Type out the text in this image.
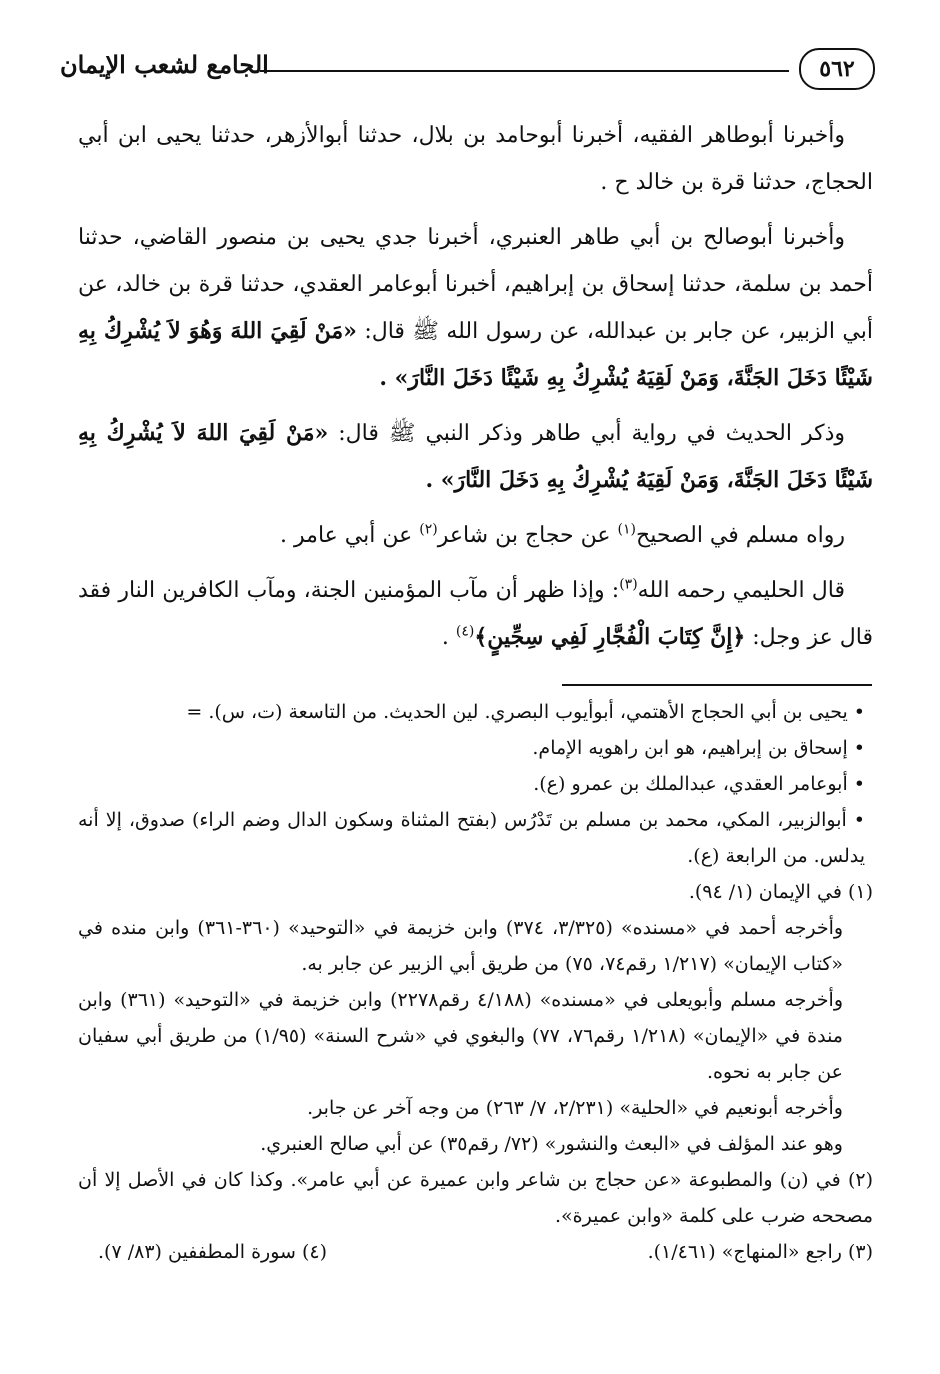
٥٦٢
الجامع لشعب الإيمان

وأخبرنا أبوطاهر الفقيه، أخبرنا أبوحامد بن بلال، حدثنا أبوالأزهر، حدثنا يحيى ابن أبي الحجاج، حدثنا قرة بن خالد ح .

وأخبرنا أبوصالح بن أبي طاهر العنبري، أخبرنا جدي يحيى بن منصور القاضي، حدثنا أحمد بن سلمة، حدثنا إسحاق بن إبراهيم، أخبرنا أبوعامر العقدي، حدثنا قرة بن خالد، عن أبي الزبير، عن جابر بن عبدالله، عن رسول الله ﷺ قال: «مَنْ لَقِيَ اللهَ وَهُوَ لاَ يُشْرِكُ بِهِ شَيْئًا دَخَلَ الجَنَّةَ، وَمَنْ لَقِيَهُ يُشْرِكُ بِهِ شَيْئًا دَخَلَ النَّارَ» .

وذكر الحديث في رواية أبي طاهر وذكر النبي ﷺ قال: «مَنْ لَقِيَ اللهَ لاَ يُشْرِكُ بِهِ شَيْئًا دَخَلَ الجَنَّةَ، وَمَنْ لَقِيَهُ يُشْرِكُ بِهِ دَخَلَ النَّارَ» .

رواه مسلم في الصحيح$^{(١)}$ عن حجاج بن شاعر$^{(٢)}$ عن أبي عامر .

قال الحليمي رحمه الله$^{(٣)}$: وإذا ظهر أن مآب المؤمنين الجنة، ومآب الكافرين النار فقد قال عز وجل: ﴿إِنَّ كِتَابَ الْفُجَّارِ لَفِي سِجِّينٍ﴾$^{(٤)}$ .

• يحيى بن أبي الحجاج الأهتمي، أبوأيوب البصري. لين الحديث. من التاسعة (ت، س). =

• إسحاق بن إبراهيم، هو ابن راهويه الإمام.

• أبوعامر العقدي، عبدالملك بن عمرو (ع).

• أبوالزبير، المكي، محمد بن مسلم بن تَدْرُس (بفتح المثناة وسكون الدال وضم الراء) صدوق، إلا أنه يدلس. من الرابعة (ع).

(١) في الإيمان (١/ ٩٤).

وأخرجه أحمد في «مسنده» (٣/٣٢٥، ٣٧٤) وابن خزيمة في «التوحيد» (٣٦٠-٣٦١) وابن منده في «كتاب الإيمان» (١/٢١٧ رقم٧٤، ٧٥) من طريق أبي الزبير عن جابر به.

وأخرجه مسلم وأبويعلى في «مسنده» (٤/١٨٨ رقم٢٢٧٨) وابن خزيمة في «التوحيد» (٣٦١) وابن مندة في «الإيمان» (١/٢١٨ رقم٧٦، ٧٧) والبغوي في «شرح السنة» (١/٩٥) من طريق أبي سفيان عن جابر به نحوه.

وأخرجه أبونعيم في «الحلية» (٢/٢٣١، ٧/ ٢٦٣) من وجه آخر عن جابر.

وهو عند المؤلف في «البعث والنشور» (٧٢/ رقم٣٥) عن أبي صالح العنبري.

(٢) في (ن) والمطبوعة «عن حجاج بن شاعر وابن عميرة عن أبي عامر». وكذا كان في الأصل إلا أن مصححه ضرب على كلمة «وابن عميرة».

(٣) راجع «المنهاج» (١/٤٦١).
(٤) سورة المطففين (٨٣/ ٧).
